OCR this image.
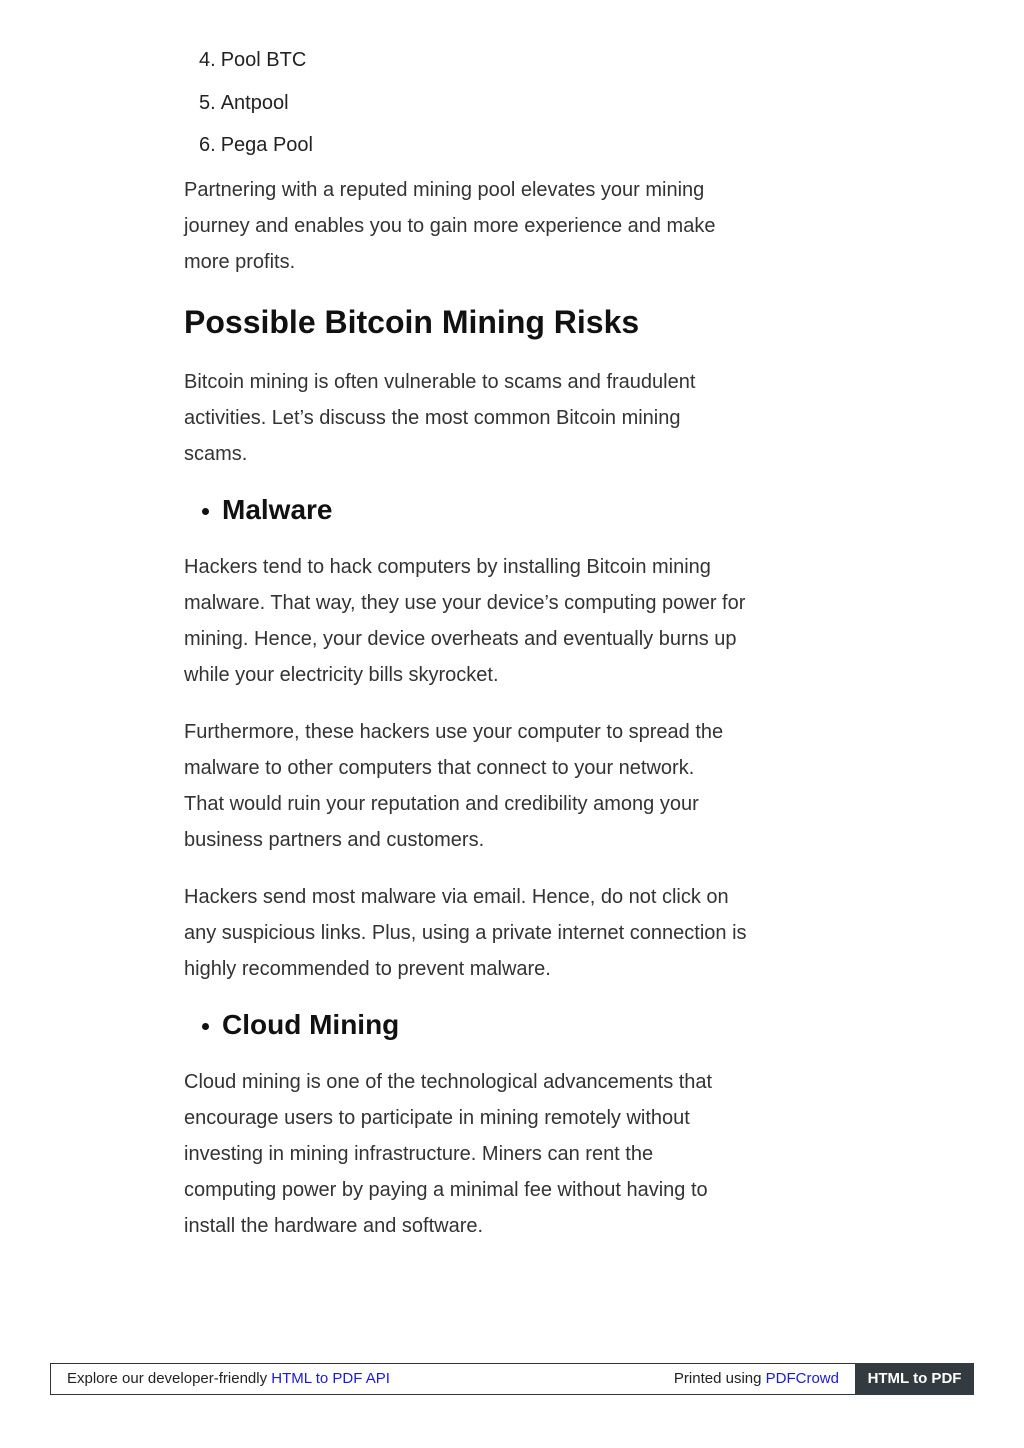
4. Pool BTC
5. Antpool
6. Pega Pool

Partnering with a reputed mining pool elevates your mining
journey and enables you to gain more experience and make
more profits.

Possible Bitcoin Mining Risks

Bitcoin mining is often vulnerable to scams and fraudulent
activities. Let’s discuss the most common Bitcoin mining
scams.

Malware

Hackers tend to hack computers by installing Bitcoin mining
malware. That way, they use your device’s computing power for
mining. Hence, your device overheats and eventually burns up
while your electricity bills skyrocket.

Furthermore, these hackers use your computer to spread the
malware to other computers that connect to your network.
That would ruin your reputation and credibility among your
business partners and customers.

Hackers send most malware via email. Hence, do not click on
any suspicious links. Plus, using a private internet connection is
highly recommended to prevent malware.

Cloud Mining

Cloud mining is one of the technological advancements that
encourage users to participate in mining remotely without
investing in mining infrastructure. Miners can rent the
computing power by paying a minimal fee without having to
install the hardware and software.

Explore our developer-friendly HTML to PDF API	Printed using PDFCrowd	HTML to PDF
